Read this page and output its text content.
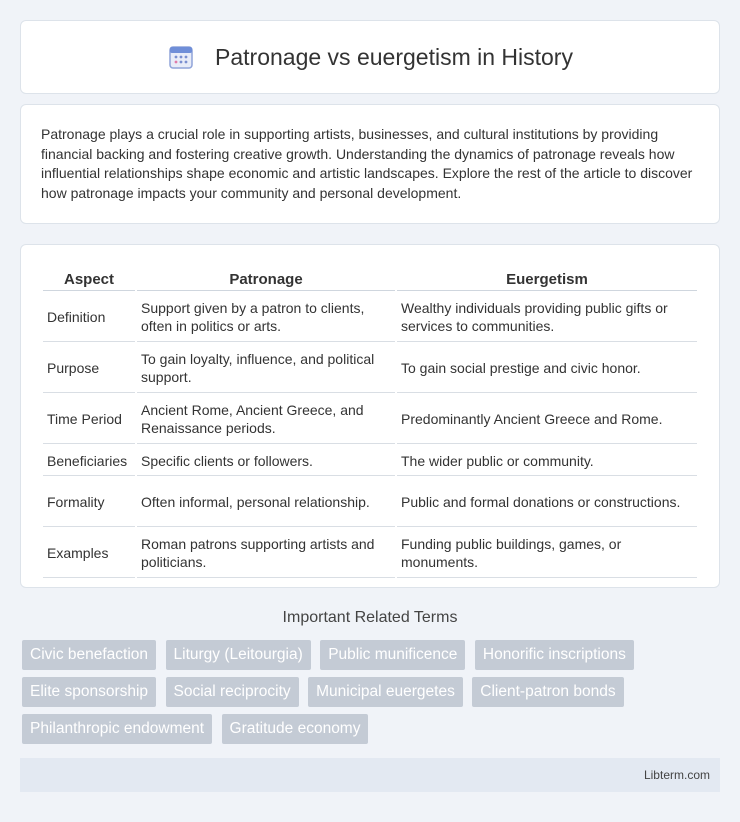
Patronage vs euergetism in History

Patronage plays a crucial role in supporting artists, businesses, and cultural institutions by providing financial backing and fostering creative growth. Understanding the dynamics of patronage reveals how influential relationships shape economic and artistic landscapes. Explore the rest of the article to discover how patronage impacts your community and personal development.

Aspect	Patronage	Euergetism
Definition	Support given by a patron to clients, often in politics or arts.	Wealthy individuals providing public gifts or services to communities.
Purpose	To gain loyalty, influence, and political support.	To gain social prestige and civic honor.
Time Period	Ancient Rome, Ancient Greece, and Renaissance periods.	Predominantly Ancient Greece and Rome.
Beneficiaries	Specific clients or followers.	The wider public or community.
Formality	Often informal, personal relationship.	Public and formal donations or constructions.
Examples	Roman patrons supporting artists and politicians.	Funding public buildings, games, or monuments.
Important Related Terms
Civic benefaction Liturgy (Leitourgia) Public munificence Honorific inscriptions Elite sponsorship Social reciprocity Municipal euergetes Client-patron bonds Philanthropic endowment Gratitude economy
Libterm.com
